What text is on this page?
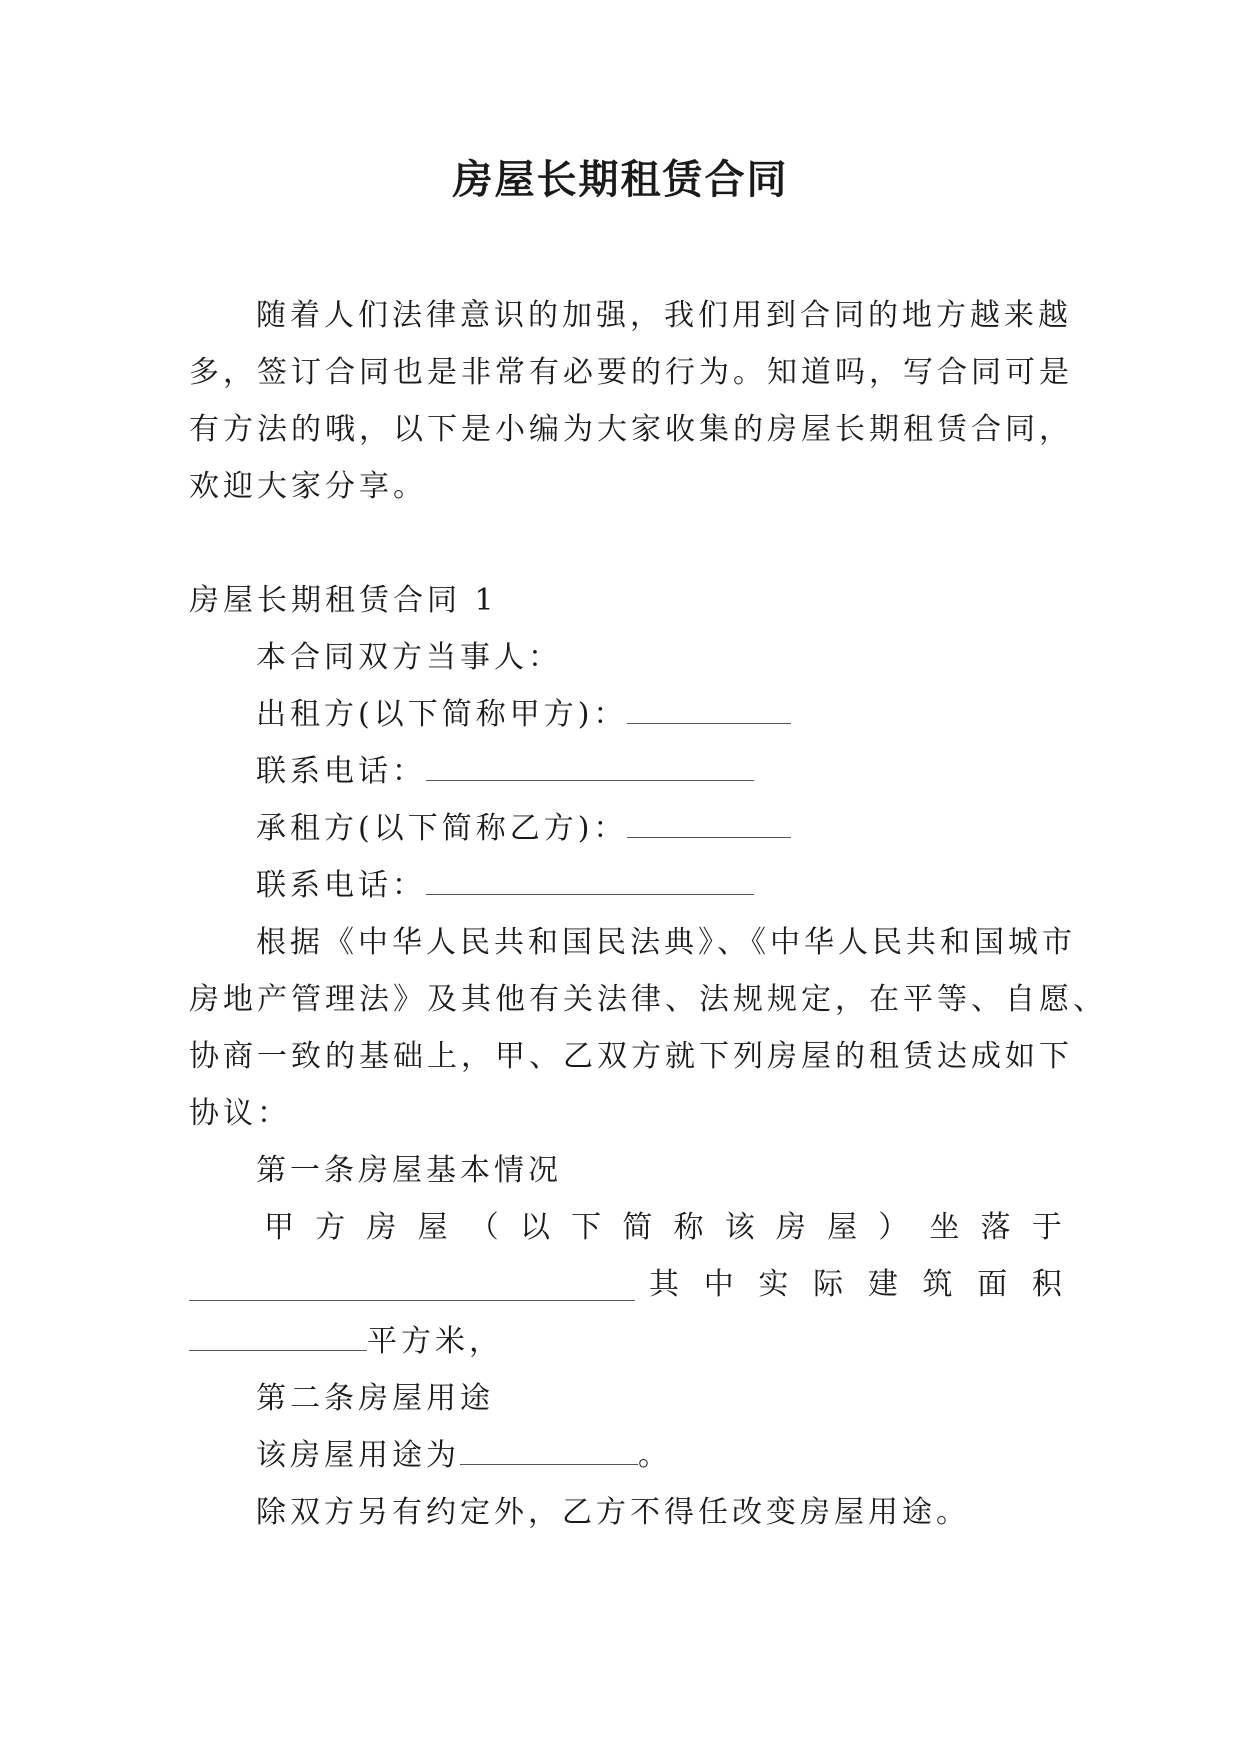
房屋长期租赁合同

随着人们法律意识的加强，我们用到合同的地方越来越

多，签订合同也是非常有必要的行为。知道吗，写合同可是

有方法的哦，以下是小编为大家收集的房屋长期租赁合同，

欢迎大家分享。

房屋长期租赁合同 1

本合同双方当事人：

出租方(以下简称甲方)：

联系电话：

承租方(以下简称乙方)：

联系电话：

根据《中华人民共和国民法典》、《中华人民共和国城市

房地产管理法》及其他有关法律、法规规定，在平等、自愿、

协商一致的基础上，甲、乙双方就下列房屋的租赁达成如下

协议：

第一条房屋基本情况

甲 方 房 屋 （ 以 下 简 称 该 房 屋 ） 坐 落 于
其 中 实 际 建 筑 面 积

平方米，

第二条房屋用途

该房屋用途为	。

除双方另有约定外，乙方不得任改变房屋用途。
